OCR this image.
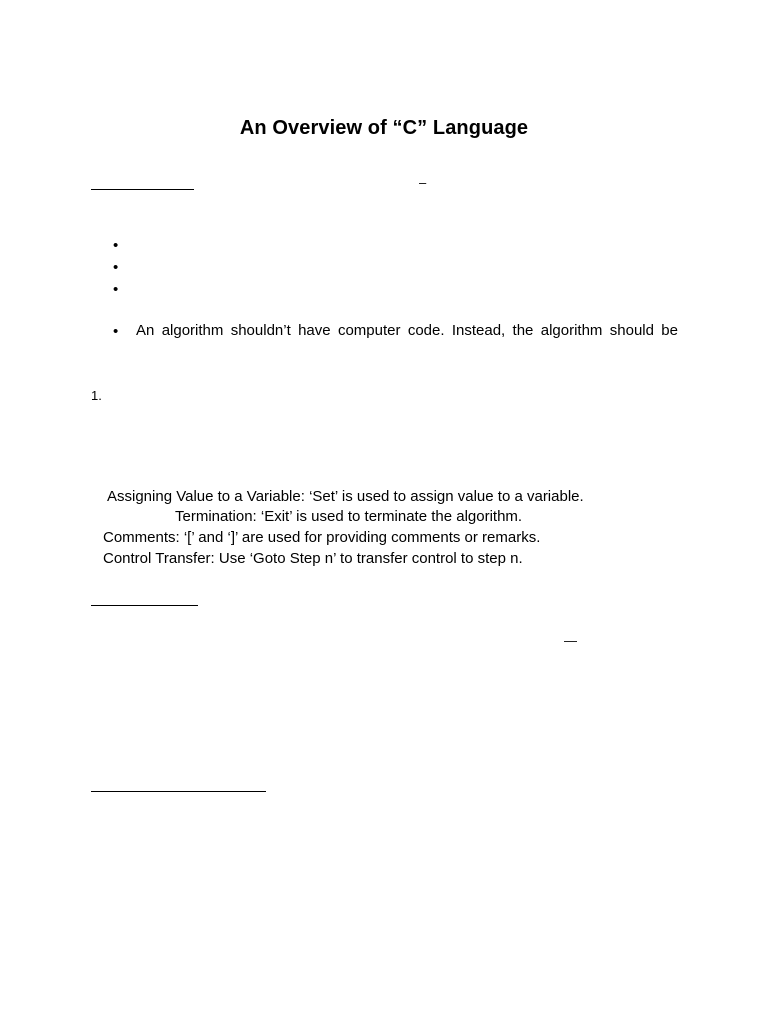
An Overview of “C” Language
–
•
•
•
• An algorithm shouldn’t have computer code. Instead, the algorithm should be
1.
Assigning Value to a Variable: ‘Set’ is used to assign value to a variable.
Termination: ‘Exit’ is used to terminate the algorithm.
Comments: ‘[’ and ‘]’ are used for providing comments or remarks.
Control Transfer: Use ‘Goto Step n’ to transfer control to step n.
—
